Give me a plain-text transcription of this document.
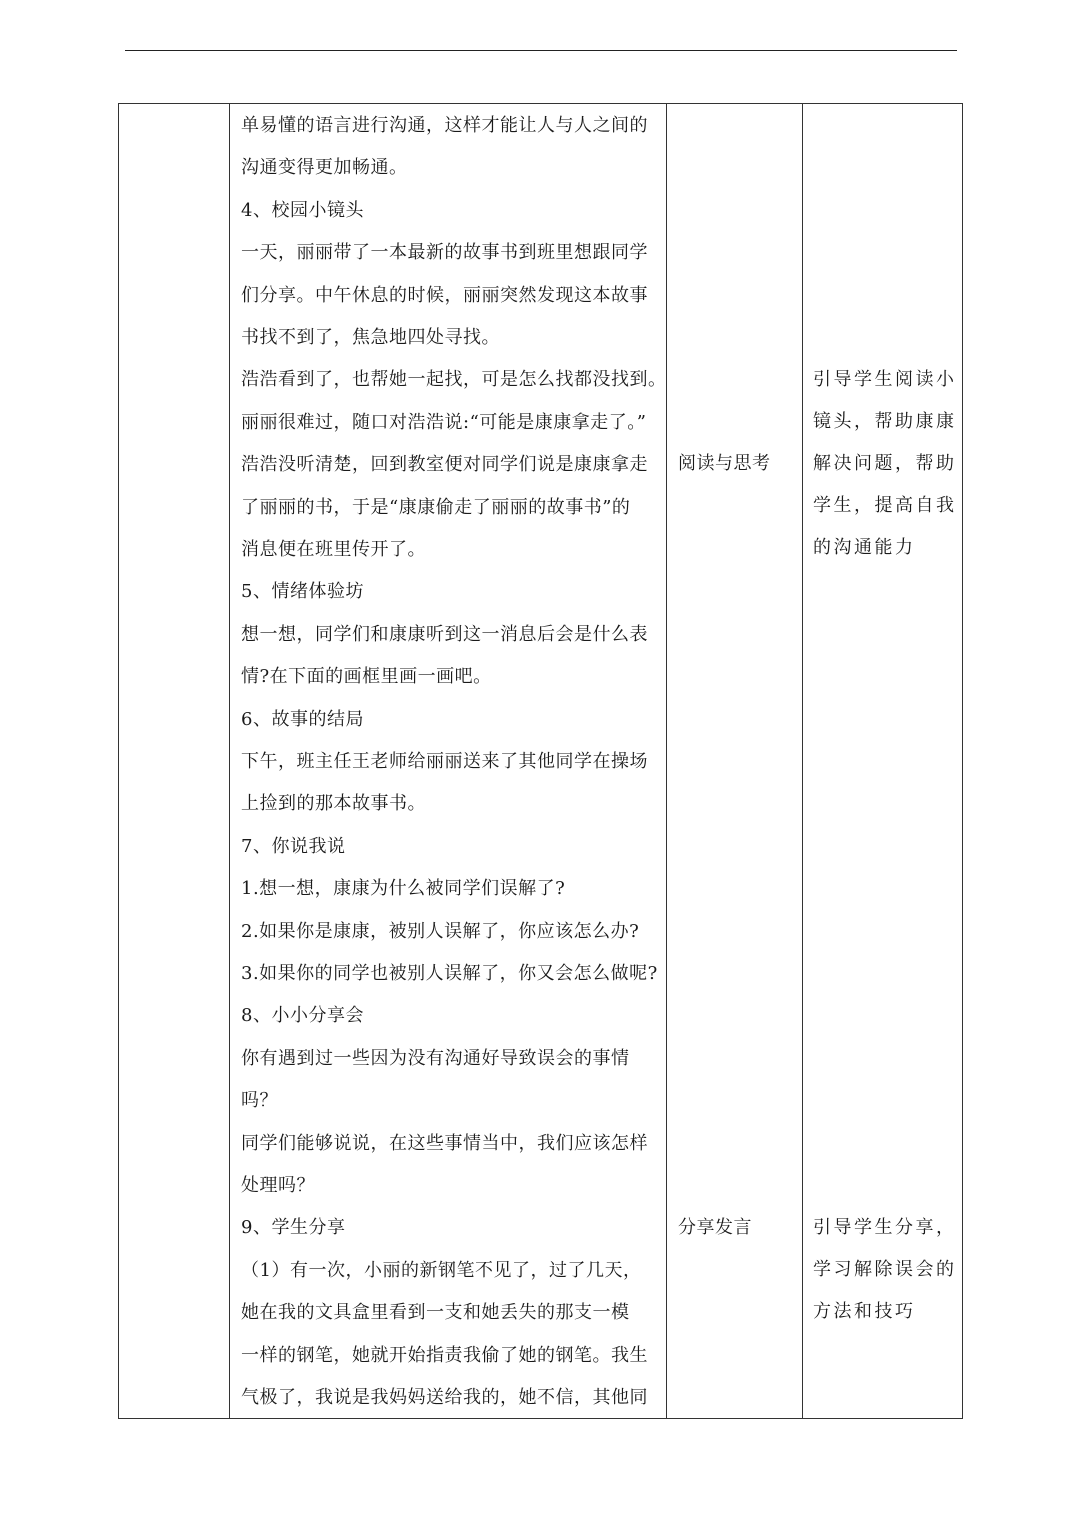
单易懂的语言进行沟通，这样才能让人与人之间的
沟通变得更加畅通。
4、校园小镜头
一天，丽丽带了一本最新的故事书到班里想跟同学
们分享。中午休息的时候，丽丽突然发现这本故事
书找不到了，焦急地四处寻找。
浩浩看到了，也帮她一起找，可是怎么找都没找到。
丽丽很难过，随口对浩浩说:“可能是康康拿走了。”
浩浩没听清楚，回到教室便对同学们说是康康拿走
了丽丽的书，于是“康康偷走了丽丽的故事书”的
消息便在班里传开了。
5、情绪体验坊
想一想，同学们和康康听到这一消息后会是什么表
情?在下面的画框里画一画吧。
6、故事的结局
下午，班主任王老师给丽丽送来了其他同学在操场
上捡到的那本故事书。
7、你说我说
1.想一想，康康为什么被同学们误解了?
2.如果你是康康，被别人误解了，你应该怎么办?
3.如果你的同学也被别人误解了，你又会怎么做呢?
8、小小分享会
你有遇到过一些因为没有沟通好导致误会的事情
吗？
同学们能够说说，在这些事情当中，我们应该怎样
处理吗？
9、学生分享
（1）有一次，小丽的新钢笔不见了，过了几天，
她在我的文具盒里看到一支和她丢失的那支一模
一样的钢笔，她就开始指责我偷了她的钢笔。我生
气极了，我说是我妈妈送给我的，她不信，其他同
阅读与思考
分享发言
引导学生阅读小
镜头，帮助康康
解决问题，帮助
学生，提高自我
的沟通能力
引导学生分享，
学习解除误会的
方法和技巧
